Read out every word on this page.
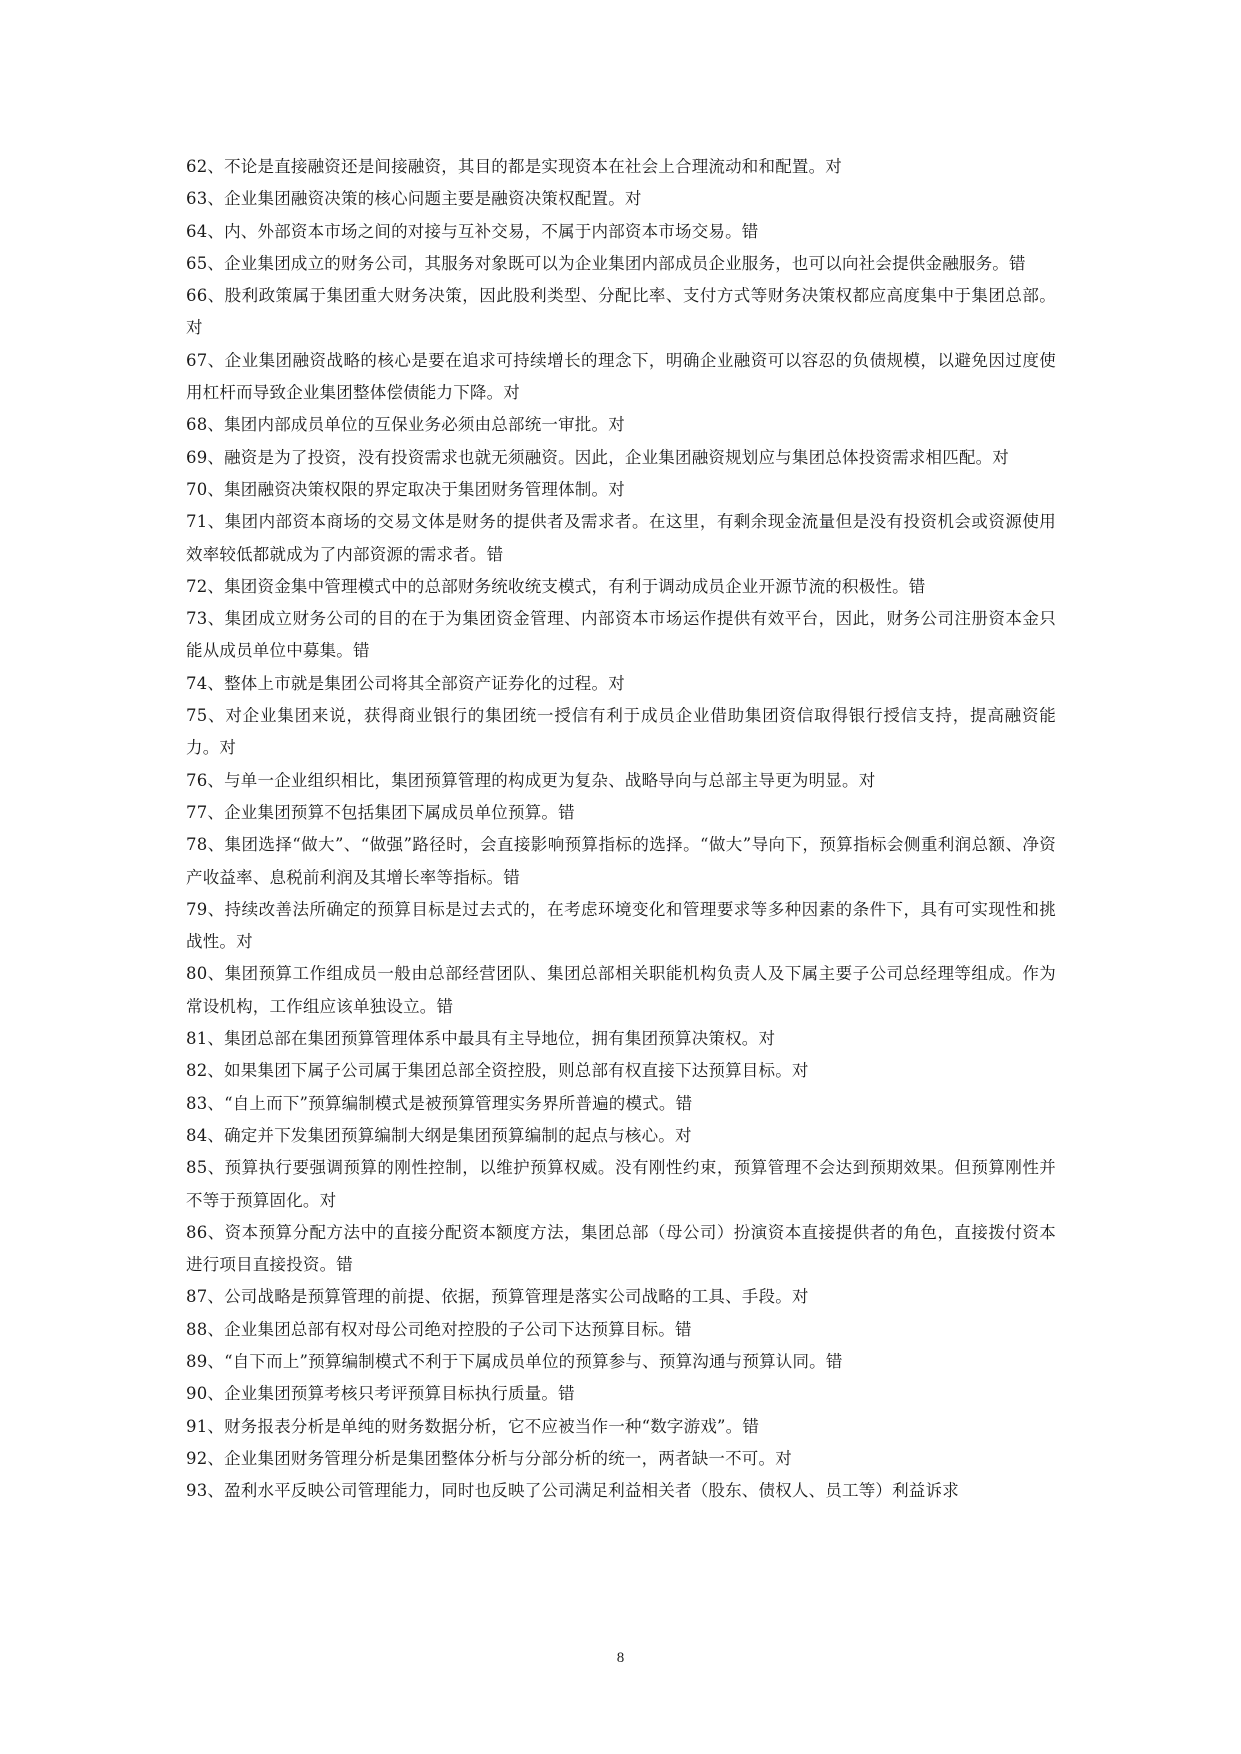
62、不论是直接融资还是间接融资，其目的都是实现资本在社会上合理流动和和配置。对

63、企业集团融资决策的核心问题主要是融资决策权配置。对

64、内、外部资本市场之间的对接与互补交易，不属于内部资本市场交易。错

65、企业集团成立的财务公司，其服务对象既可以为企业集团内部成员企业服务，也可以向社会提供金融服务。错

66、股利政策属于集团重大财务决策，因此股利类型、分配比率、支付方式等财务决策权都应高度集中于集团总部。对

67、企业集团融资战略的核心是要在追求可持续增长的理念下，明确企业融资可以容忍的负债规模，以避免因过度使用杠杆而导致企业集团整体偿债能力下降。对

68、集团内部成员单位的互保业务必须由总部统一审批。对

69、融资是为了投资，没有投资需求也就无须融资。因此，企业集团融资规划应与集团总体投资需求相匹配。对

70、集团融资决策权限的界定取决于集团财务管理体制。对

71、集团内部资本商场的交易文体是财务的提供者及需求者。在这里，有剩余现金流量但是没有投资机会或资源使用效率较低都就成为了内部资源的需求者。错

72、集团资金集中管理模式中的总部财务统收统支模式，有利于调动成员企业开源节流的积极性。错

73、集团成立财务公司的目的在于为集团资金管理、内部资本市场运作提供有效平台，因此，财务公司注册资本金只能从成员单位中募集。错

74、整体上市就是集团公司将其全部资产证券化的过程。对

75、对企业集团来说，获得商业银行的集团统一授信有利于成员企业借助集团资信取得银行授信支持，提高融资能力。对

76、与单一企业组织相比，集团预算管理的构成更为复杂、战略导向与总部主导更为明显。对

77、企业集团预算不包括集团下属成员单位预算。错

78、集团选择“做大”、“做强”路径时，会直接影响预算指标的选择。“做大”导向下，预算指标会侧重利润总额、净资产收益率、息税前利润及其增长率等指标。错

79、持续改善法所确定的预算目标是过去式的，在考虑环境变化和管理要求等多种因素的条件下，具有可实现性和挑战性。对

80、集团预算工作组成员一般由总部经营团队、集团总部相关职能机构负责人及下属主要子公司总经理等组成。作为常设机构，工作组应该单独设立。错

81、集团总部在集团预算管理体系中最具有主导地位，拥有集团预算决策权。对

82、如果集团下属子公司属于集团总部全资控股，则总部有权直接下达预算目标。对

83、“自上而下”预算编制模式是被预算管理实务界所普遍的模式。错

84、确定并下发集团预算编制大纲是集团预算编制的起点与核心。对

85、预算执行要强调预算的刚性控制，以维护预算权威。没有刚性约束，预算管理不会达到预期效果。但预算刚性并不等于预算固化。对

86、资本预算分配方法中的直接分配资本额度方法，集团总部（母公司）扮演资本直接提供者的角色，直接拨付资本进行项目直接投资。错

87、公司战略是预算管理的前提、依据，预算管理是落实公司战略的工具、手段。对

88、企业集团总部有权对母公司绝对控股的子公司下达预算目标。错

89、“自下而上”预算编制模式不利于下属成员单位的预算参与、预算沟通与预算认同。错

90、企业集团预算考核只考评预算目标执行质量。错

91、财务报表分析是单纯的财务数据分析，它不应被当作一种“数字游戏”。错

92、企业集团财务管理分析是集团整体分析与分部分析的统一，两者缺一不可。对

93、盈利水平反映公司管理能力，同时也反映了公司满足利益相关者（股东、债权人、员工等）利益诉求

8
